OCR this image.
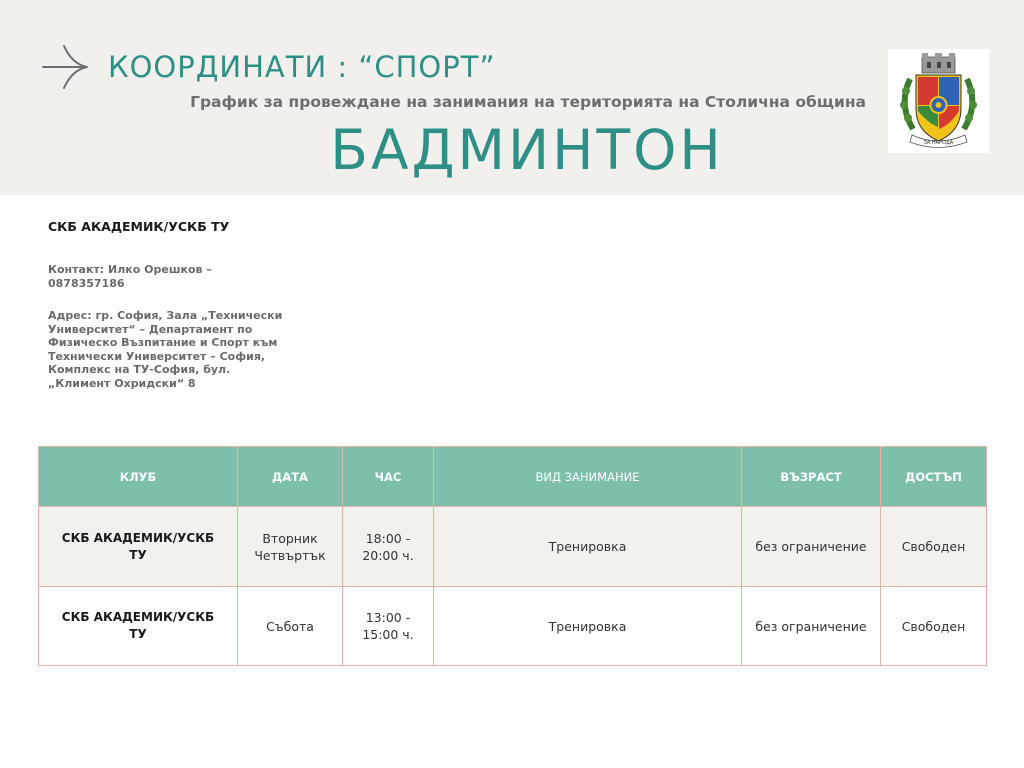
КООРДИНАТИ : “СПОРТ”
График за провеждане на занимания на територията на Столична община
БАДМИНТОН	ЗА НАРОДА
СКБ АКАДЕМИК/УСКБ ТУ
Контакт: Илко Орешков – 0878357186
Адрес: гр. София, Зала „Технически Университет“ – Департамент по Физическо Възпитание и Спорт към Технически Университет – София, Комплекс на ТУ-София, бул. „Климент Охридски“ 8
КЛУБ	ДАТА	ЧАС	ВИД ЗАНИМАНИЕ	ВЪЗРАСТ	ДОСТЪП
СКБ АКАДЕМИК/УСКБ ТУ	Вторник Четвъртък	18:00 - 20:00 ч.	Тренировка	без ограничение	Свободен
СКБ АКАДЕМИК/УСКБ ТУ	Събота	13:00 - 15:00 ч.	Тренировка	без ограничение	Свободен
